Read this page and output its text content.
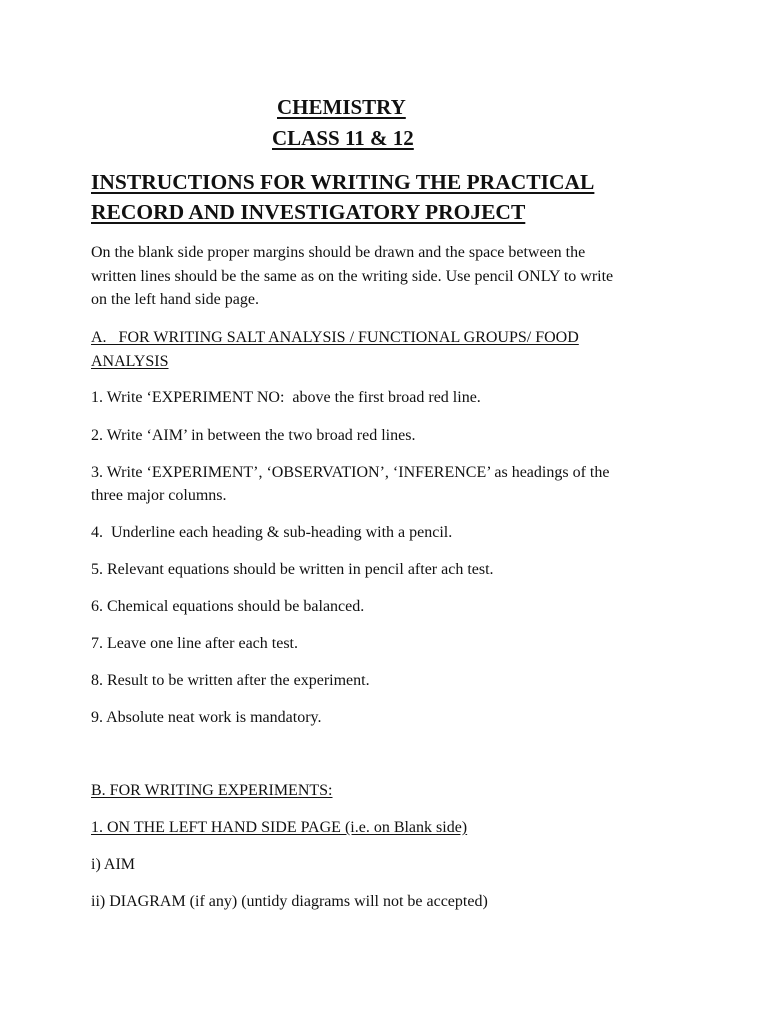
CHEMISTRY

CLASS 11 & 12

INSTRUCTIONS FOR WRITING THE PRACTICAL

RECORD AND INVESTIGATORY PROJECT

On the blank side proper margins should be drawn and the space between the

written lines should be the same as on the writing side. Use pencil ONLY to write

on the left hand side page.

A.   FOR WRITING SALT ANALYSIS / FUNCTIONAL GROUPS/ FOOD

ANALYSIS

1. Write ‘EXPERIMENT NO:  above the first broad red line.

2. Write ‘AIM’ in between the two broad red lines.

3. Write ‘EXPERIMENT’, ‘OBSERVATION’, ‘INFERENCE’ as headings of the

three major columns.

4.  Underline each heading & sub-heading with a pencil.

5. Relevant equations should be written in pencil after ach test.

6. Chemical equations should be balanced.

7. Leave one line after each test.

8. Result to be written after the experiment.

9. Absolute neat work is mandatory.

B. FOR WRITING EXPERIMENTS:

1. ON THE LEFT HAND SIDE PAGE (i.e. on Blank side)

i) AIM

ii) DIAGRAM (if any) (untidy diagrams will not be accepted)
